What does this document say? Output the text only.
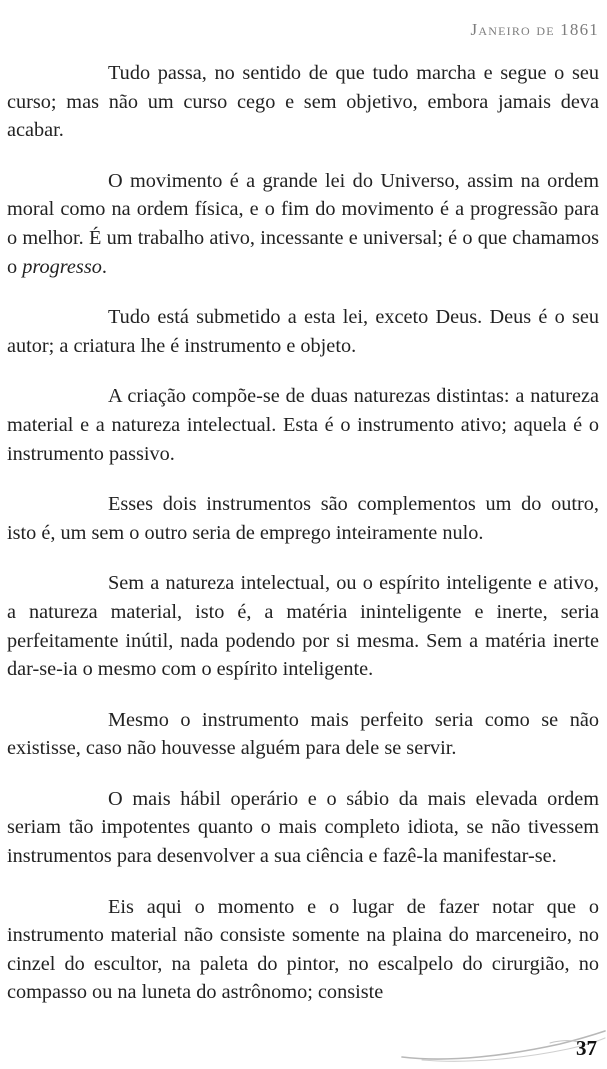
Janeiro de 1861

Tudo passa, no sentido de que tudo marcha e segue o seu curso; mas não um curso cego e sem objetivo, embora jamais deva acabar.

O movimento é a grande lei do Universo, assim na ordem moral como na ordem física, e o fim do movimento é a progressão para o melhor. É um trabalho ativo, incessante e universal; é o que chamamos o progresso.

Tudo está submetido a esta lei, exceto Deus. Deus é o seu autor; a criatura lhe é instrumento e objeto.

A criação compõe-se de duas naturezas distintas: a natureza material e a natureza intelectual. Esta é o instrumento ativo; aquela é o instrumento passivo.

Esses dois instrumentos são complementos um do outro, isto é, um sem o outro seria de emprego inteiramente nulo.

Sem a natureza intelectual, ou o espírito inteligente e ativo, a natureza material, isto é, a matéria ininteligente e inerte, seria perfeitamente inútil, nada podendo por si mesma. Sem a matéria inerte dar-se-ia o mesmo com o espírito inteligente.

Mesmo o instrumento mais perfeito seria como se não existisse, caso não houvesse alguém para dele se servir.

O mais hábil operário e o sábio da mais elevada ordem seriam tão impotentes quanto o mais completo idiota, se não tivessem instrumentos para desenvolver a sua ciência e fazê-la manifestar-se.

Eis aqui o momento e o lugar de fazer notar que o instrumento material não consiste somente na plaina do marceneiro, no cinzel do escultor, na paleta do pintor, no escalpelo do cirurgião, no compasso ou na luneta do astrônomo; consiste

37
